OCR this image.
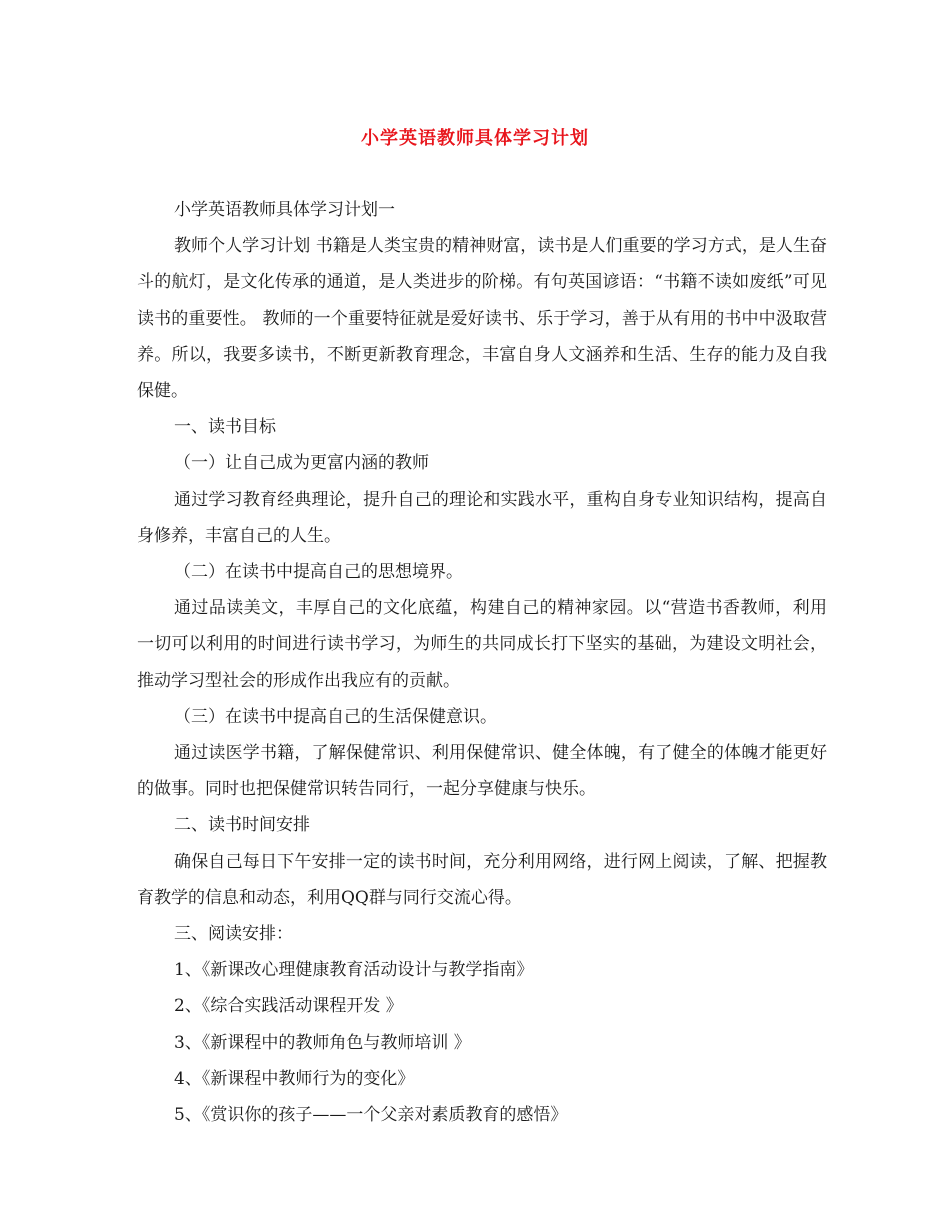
小学英语教师具体学习计划

小学英语教师具体学习计划一

教师个人学习计划 书籍是人类宝贵的精神财富，读书是人们重要的学习方式，是人生奋斗的航灯，是文化传承的通道，是人类进步的阶梯。有句英国谚语：“书籍不读如废纸”可见读书的重要性。 教师的一个重要特征就是爱好读书、乐于学习，善于从有用的书中中汲取营养。所以，我要多读书，不断更新教育理念，丰富自身人文涵养和生活、生存的能力及自我保健。

一、读书目标

（一）让自己成为更富内涵的教师

通过学习教育经典理论，提升自己的理论和实践水平，重构自身专业知识结构，提高自身修养，丰富自己的人生。

（二）在读书中提高自己的思想境界。

通过品读美文，丰厚自己的文化底蕴，构建自己的精神家园。以“营造书香教师，利用一切可以利用的时间进行读书学习，为师生的共同成长打下坚实的基础，为建设文明社会，推动学习型社会的形成作出我应有的贡献。

（三）在读书中提高自己的生活保健意识。

通过读医学书籍，了解保健常识、利用保健常识、健全体魄，有了健全的体魄才能更好的做事。同时也把保健常识转告同行，一起分享健康与快乐。

二、读书时间安排

确保自己每日下午安排一定的读书时间，充分利用网络，进行网上阅读，了解、把握教育教学的信息和动态，利用QQ群与同行交流心得。

三、阅读安排：

1、《新课改心理健康教育活动设计与教学指南》

2、《综合实践活动课程开发 》

3、《新课程中的教师角色与教师培训 》

4、《新课程中教师行为的变化》

5、《赏识你的孩子——一个父亲对素质教育的感悟》
